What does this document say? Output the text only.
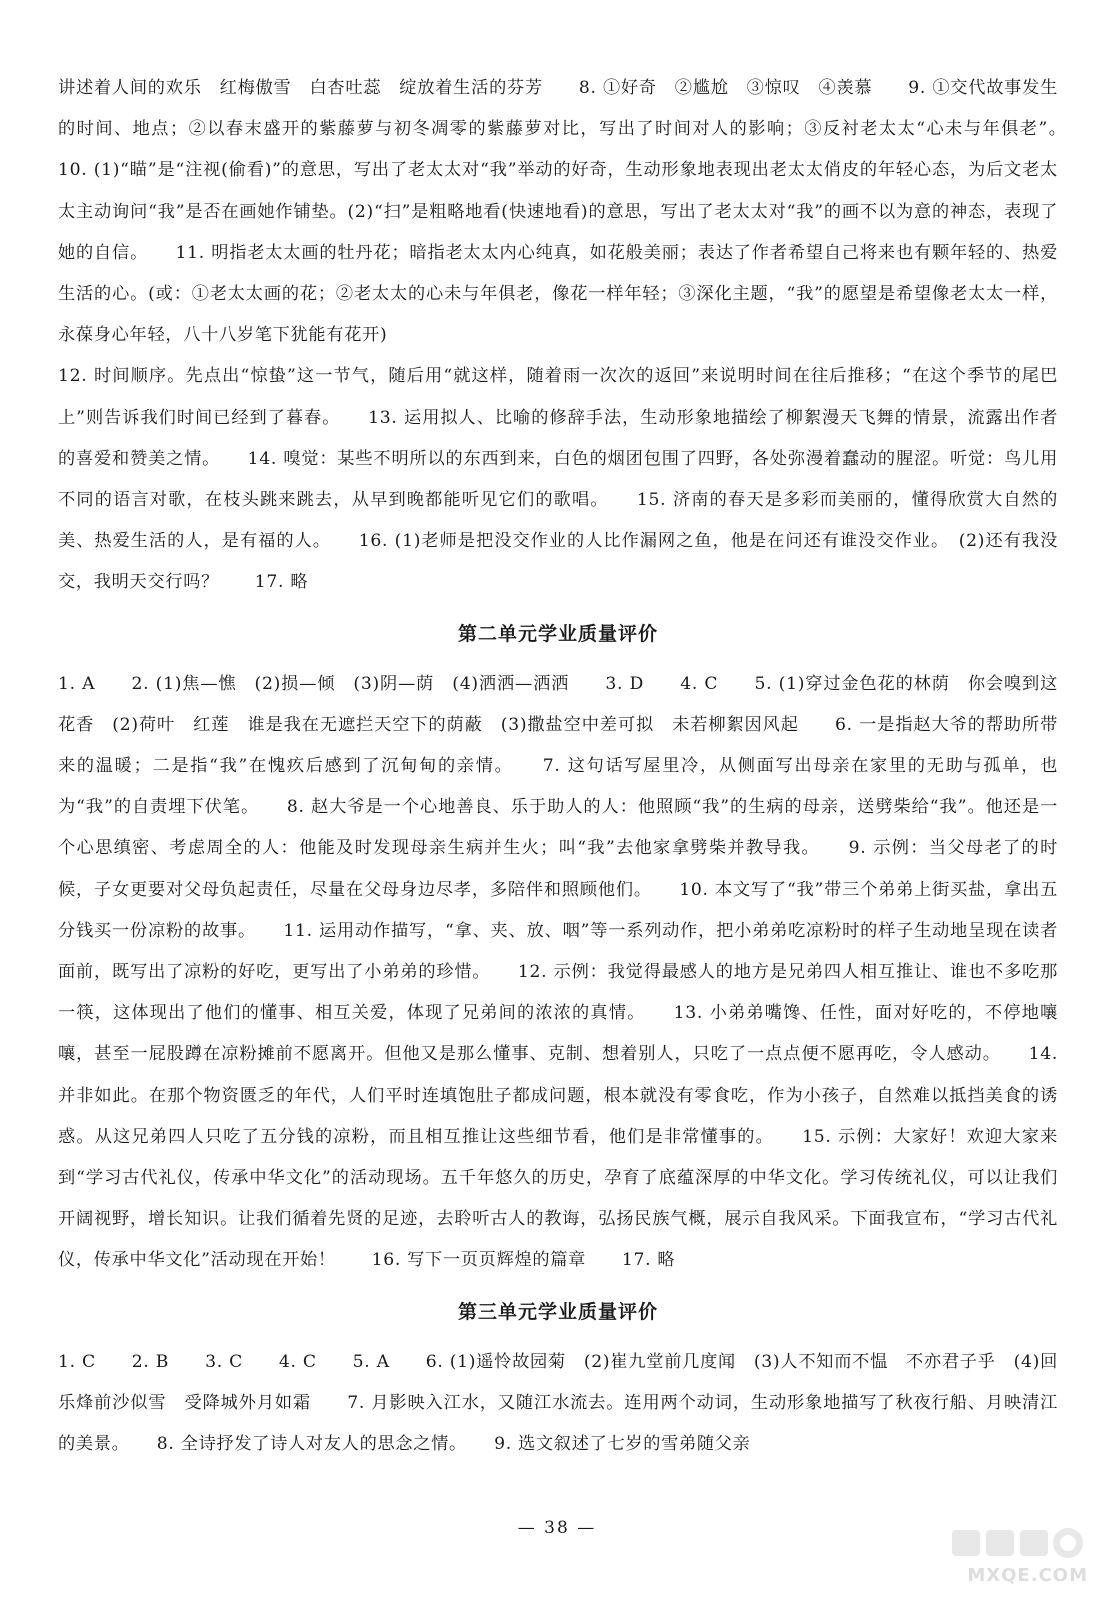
讲述着人间的欢乐　红梅傲雪　白杏吐蕊　绽放着生活的芬芳　　8. ①好奇　②尴尬　③惊叹　④羡慕　　9. ①交代故事发生的时间、地点；②以春末盛开的紫藤萝与初冬凋零的紫藤萝对比，写出了时间对人的影响；③反衬老太太“心未与年俱老”。　　10. (1)“瞄”是“注视(偷看)”的意思，写出了老太太对“我”举动的好奇，生动形象地表现出老太太俏皮的年轻心态，为后文老太太主动询问“我”是否在画她作铺垫。(2)“扫”是粗略地看(快速地看)的意思，写出了老太太对“我”的画不以为意的神态，表现了她的自信。　　11. 明指老太太画的牡丹花；暗指老太太内心纯真，如花般美丽；表达了作者希望自己将来也有颗年轻的、热爱生活的心。(或：①老太太画的花；②老太太的心未与年俱老，像花一样年轻；③深化主题，“我”的愿望是希望像老太太一样，永葆身心年轻，八十八岁笔下犹能有花开)

12. 时间顺序。先点出“惊蛰”这一节气，随后用“就这样，随着雨一次次的返回”来说明时间在往后推移；“在这个季节的尾巴上”则告诉我们时间已经到了暮春。　　13. 运用拟人、比喻的修辞手法，生动形象地描绘了柳絮漫天飞舞的情景，流露出作者的喜爱和赞美之情。　　14. 嗅觉：某些不明所以的东西到来，白色的烟团包围了四野，各处弥漫着蠢动的腥涩。听觉：鸟儿用不同的语言对歌，在枝头跳来跳去，从早到晚都能听见它们的歌唱。　　15. 济南的春天是多彩而美丽的，懂得欣赏大自然的美、热爱生活的人，是有福的人。　　16. (1)老师是把没交作业的人比作漏网之鱼，他是在问还有谁没交作业。　(2)还有我没交，我明天交行吗？　　17. 略

第二单元学业质量评价

1. A　　2. (1)焦—憔　(2)损—倾　(3)阴—荫　(4)洒洒—洒洒　　3. D　　4. C　　5. (1)穿过金色花的林荫　你会嗅到这花香　(2)荷叶　红莲　谁是我在无遮拦天空下的荫蔽　(3)撒盐空中差可拟　未若柳絮因风起　　6. 一是指赵大爷的帮助所带来的温暖；二是指“我”在愧疚后感到了沉甸甸的亲情。　　7. 这句话写屋里冷，从侧面写出母亲在家里的无助与孤单，也为“我”的自责埋下伏笔。　　8. 赵大爷是一个心地善良、乐于助人的人：他照顾“我”的生病的母亲，送劈柴给“我”。他还是一个心思缜密、考虑周全的人：他能及时发现母亲生病并生火；叫“我”去他家拿劈柴并教导我。　　9. 示例：当父母老了的时候，子女更要对父母负起责任，尽量在父母身边尽孝，多陪伴和照顾他们。　　10. 本文写了“我”带三个弟弟上街买盐，拿出五分钱买一份凉粉的故事。　　11. 运用动作描写，“拿、夹、放、咽”等一系列动作，把小弟弟吃凉粉时的样子生动地呈现在读者面前，既写出了凉粉的好吃，更写出了小弟弟的珍惜。　　12. 示例：我觉得最感人的地方是兄弟四人相互推让、谁也不多吃那一筷，这体现出了他们的懂事、相互关爱，体现了兄弟间的浓浓的真情。　　13. 小弟弟嘴馋、任性，面对好吃的，不停地嚷嚷，甚至一屁股蹲在凉粉摊前不愿离开。但他又是那么懂事、克制、想着别人，只吃了一点点便不愿再吃，令人感动。　　14. 并非如此。在那个物资匮乏的年代，人们平时连填饱肚子都成问题，根本就没有零食吃，作为小孩子，自然难以抵挡美食的诱惑。从这兄弟四人只吃了五分钱的凉粉，而且相互推让这些细节看，他们是非常懂事的。　　15. 示例：大家好！欢迎大家来到“学习古代礼仪，传承中华文化”的活动现场。五千年悠久的历史，孕育了底蕴深厚的中华文化。学习传统礼仪，可以让我们开阔视野，增长知识。让我们循着先贤的足迹，去聆听古人的教诲，弘扬民族气概，展示自我风采。下面我宣布，“学习古代礼仪，传承中华文化”活动现在开始！　　16. 写下一页页辉煌的篇章　　17. 略

第三单元学业质量评价

1. C　　2. B　　3. C　　4. C　　5. A　　6. (1)遥怜故园菊　(2)崔九堂前几度闻　(3)人不知而不愠　不亦君子乎　(4)回乐烽前沙似雪　受降城外月如霜　　7. 月影映入江水，又随江水流去。连用两个动词，生动形象地描写了秋夜行船、月映清江的美景。　　8. 全诗抒发了诗人对友人的思念之情。　　9. 选文叙述了七岁的雪弟随父亲

— 38 —
MXQE.COM
